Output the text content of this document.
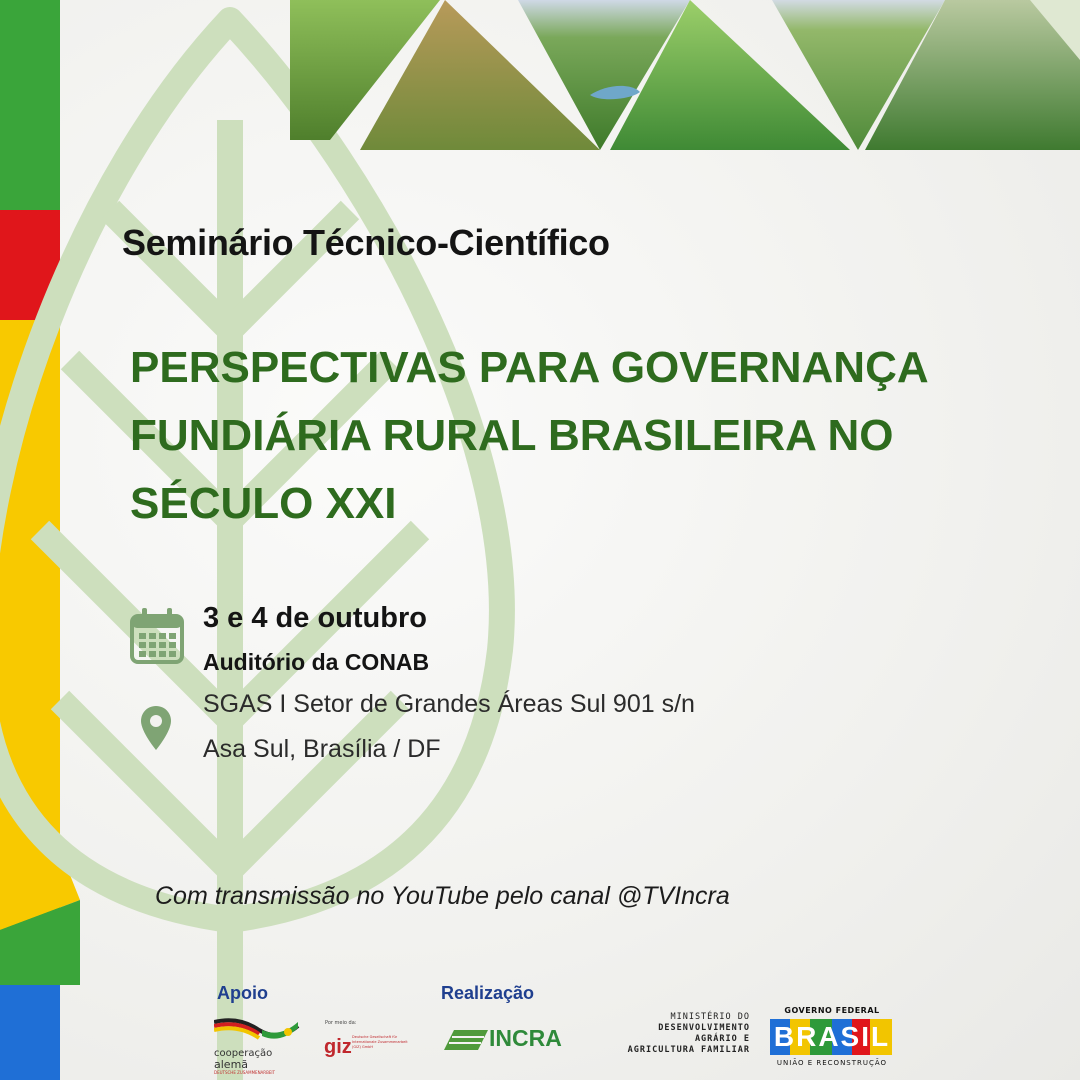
Seminário Técnico-Científico
PERSPECTIVAS PARA GOVERNANÇA
FUNDIÁRIA RURAL BRASILEIRA NO
SÉCULO XXI
3 e 4 de outubro
Auditório da CONAB
SGAS I Setor de Grandes Áreas Sul 901 s/n
Asa Sul, Brasília / DF
Com transmissão no YouTube pelo canal @TVIncra
Apoio	Realização
cooperação
alemã
DEUTSCHE ZUSAMMENARBEIT
Por meio da:
giz Deutsche Gesellschaft für Internationale Zusammenarbeit (GIZ) GmbH	INCRA
MINISTÉRIO DO
DESENVOLVIMENTO
AGRÁRIO E
AGRICULTURA FAMILIAR
GOVERNO FEDERAL
BRASIL
UNIÃO E RECONSTRUÇÃO
